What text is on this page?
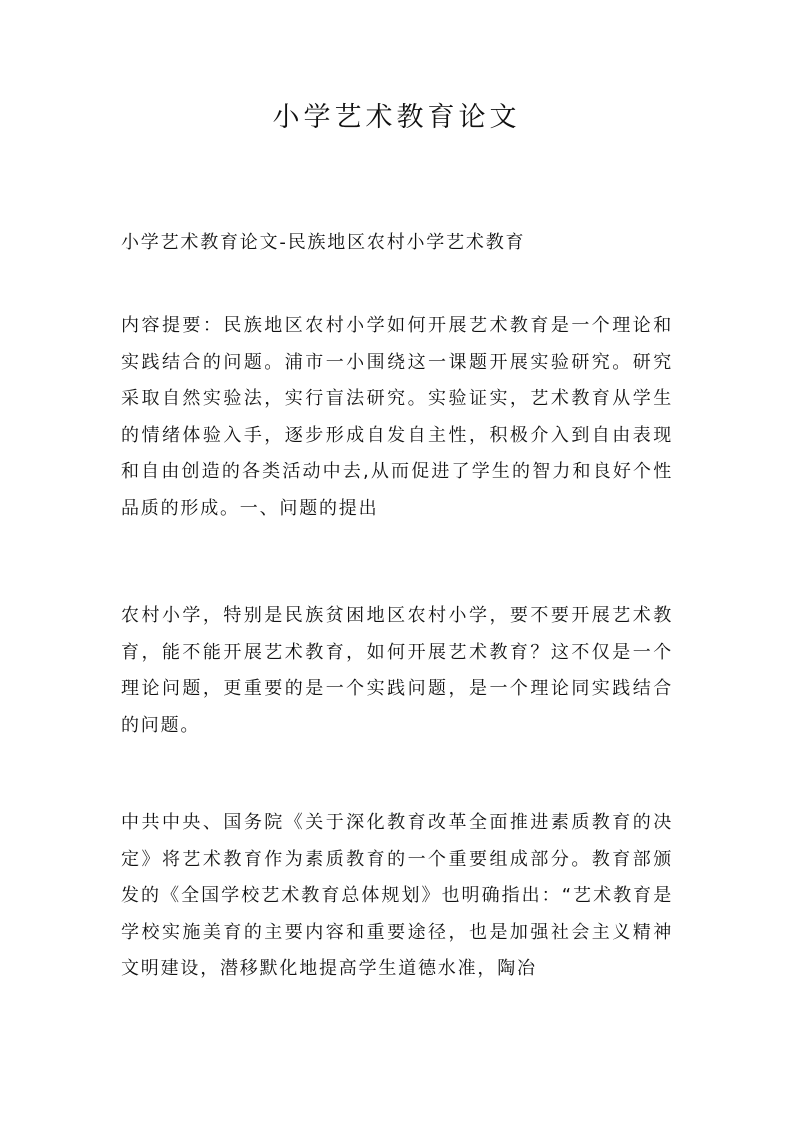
小学艺术教育论文

小学艺术教育论文-民族地区农村小学艺术教育

内容提要：民族地区农村小学如何开展艺术教育是一个理论和实践结合的问题。浦市一小围绕这一课题开展实验研究。研究采取自然实验法，实行盲法研究。实验证实，艺术教育从学生的情绪体验入手，逐步形成自发自主性，积极介入到自由表现和自由创造的各类活动中去,从而促进了学生的智力和良好个性品质的形成。一、问题的提出

农村小学，特别是民族贫困地区农村小学，要不要开展艺术教育，能不能开展艺术教育，如何开展艺术教育？这不仅是一个理论问题，更重要的是一个实践问题，是一个理论同实践结合的问题。

中共中央、国务院《关于深化教育改革全面推进素质教育的决定》将艺术教育作为素质教育的一个重要组成部分。教育部颁发的《全国学校艺术教育总体规划》也明确指出：“艺术教育是学校实施美育的主要内容和重要途径，也是加强社会主义精神文明建设，潜移默化地提高学生道德水准，陶冶
